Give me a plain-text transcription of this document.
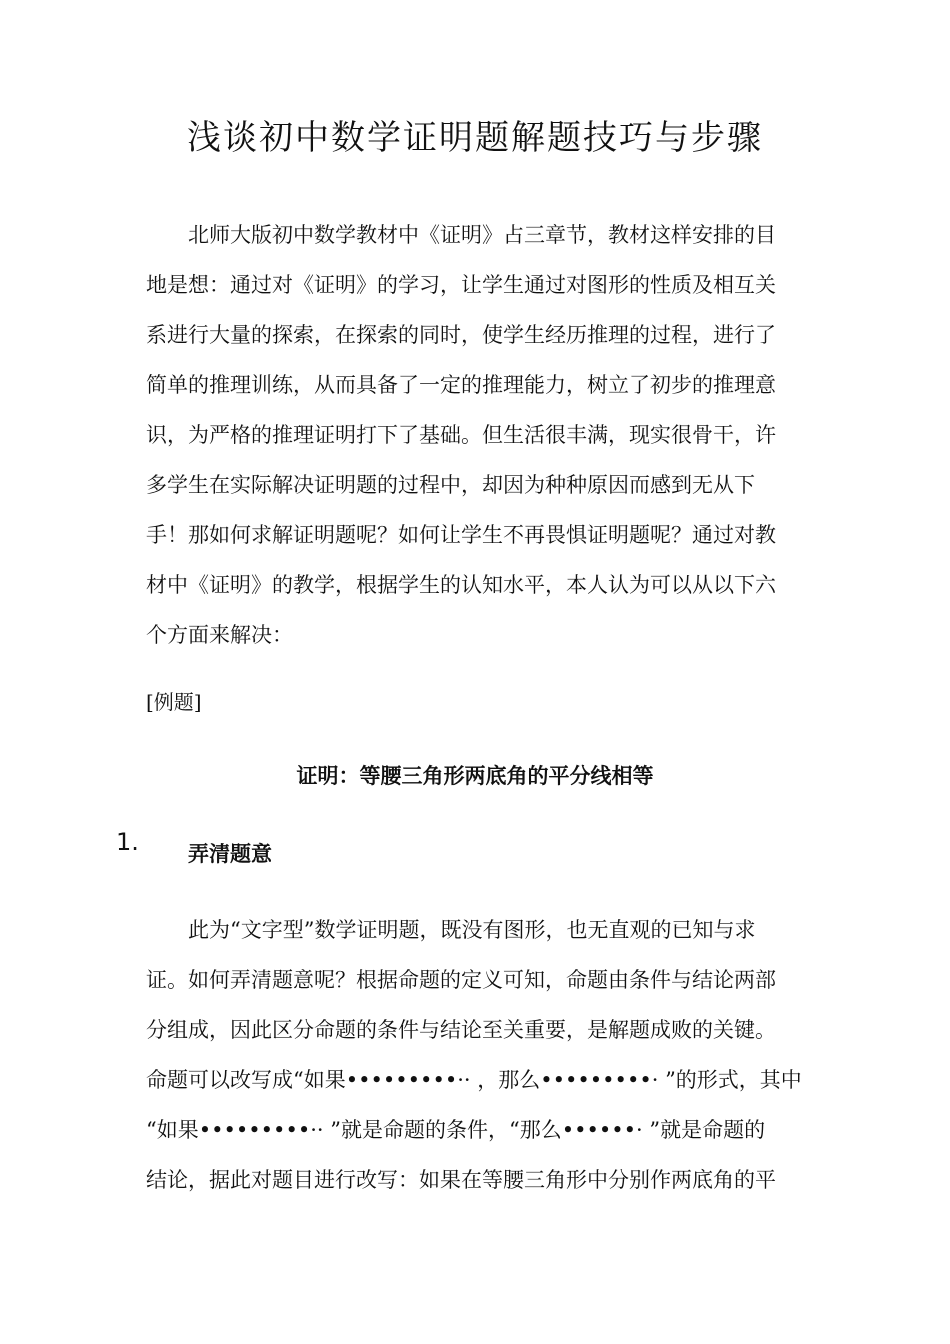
浅谈初中数学证明题解题技巧与步骤
北师大版初中数学教材中《证明》占三章节，教材这样安排的目
地是想：通过对《证明》的学习，让学生通过对图形的性质及相互关
系进行大量的探索，在探索的同时，使学生经历推理的过程，进行了
简单的推理训练，从而具备了一定的推理能力，树立了初步的推理意
识，为严格的推理证明打下了基础。但生活很丰满，现实很骨干，许
多学生在实际解决证明题的过程中，却因为种种原因而感到无从下
手！那如何求解证明题呢？如何让学生不再畏惧证明题呢？通过对教
材中《证明》的教学，根据学生的认知水平，本人认为可以从以下六
个方面来解决：
[例题]
证明：等腰三角形两底角的平分线相等
1. 弄清题意
此为“文字型”数学证明题，既没有图形，也无直观的已知与求
证。如何弄清题意呢？根据命题的定义可知，命题由条件与结论两部
分组成，因此区分命题的条件与结论至关重要，是解题成败的关键。
命题可以改写成“如果•••••••••·· ，那么•••••••••· ”的形式，其中
“如果•••••••••·· ”就是命题的条件，“那么••••••· ”就是命题的
结论，据此对题目进行改写：如果在等腰三角形中分别作两底角的平
